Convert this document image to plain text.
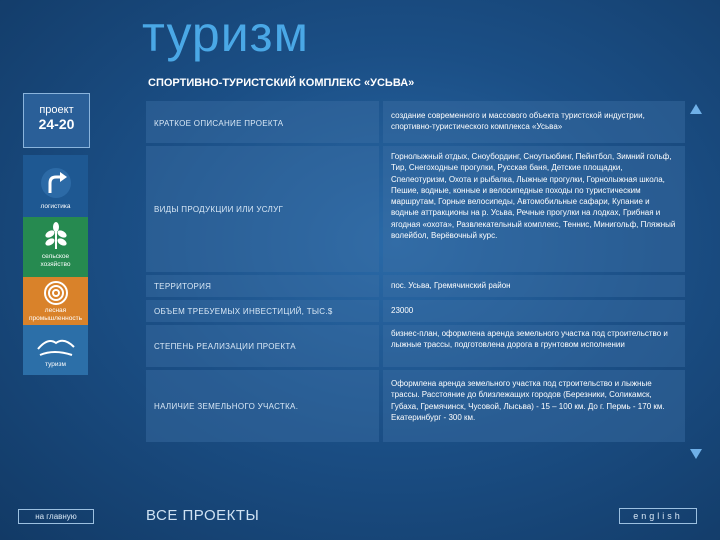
туризм
СПОРТИВНО-ТУРИСТСКИЙ КОМПЛЕКС «УСЬВА»
проект
24-20
логистика
сельское хозяйство
лесная промышленность
туризм
КРАТКОЕ ОПИСАНИЕ ПРОЕКТА
создание современного и массового объекта туристской индустрии, спортивно-туристического комплекса «Усьва»
ВИДЫ ПРОДУКЦИИ ИЛИ УСЛУГ
Горнолыжный отдых, Сноубординг, Сноутьюбинг, Пейнтбол, Зимний гольф, Тир, Снегоходные прогулки, Русская баня, Детские площадки, Спелеотуризм, Охота и рыбалка, Лыжные прогулки, Горнолыжная школа, Пешие, водные, конные и велосипедные походы по туристическим маршрутам, Горные велосипеды, Автомобильные сафари, Купание и водные аттракционы на р. Усьва, Речные прогулки на лодках, Грибная и ягодная «охота», Развлекательный комплекс, Теннис, Минигольф, Пляжный волейбол, Верёвочный курс.
ТЕРРИТОРИЯ	пос. Усьва, Гремячинский район
ОБЪЕМ ТРЕБУЕМЫХ ИНВЕСТИЦИЙ, ТЫС.$	23000
СТЕПЕНЬ РЕАЛИЗАЦИИ ПРОЕКТА
бизнес-план, оформлена аренда земельного участка под строительство и лыжные трассы, подготовлена дорога в грунтовом исполнении
НАЛИЧИЕ ЗЕМЕЛЬНОГО УЧАСТКА.
Оформлена аренда земельного участка под строительство и лыжные трассы. Расстояние до близлежащих городов (Березники, Соликамск, Губаха, Гремячинск, Чусовой, Лысьва) - 15 – 100 км. До г. Пермь - 170 км. Екатеринбург - 300 км.
на главную	ВСЕ ПРОЕКТЫ	english
